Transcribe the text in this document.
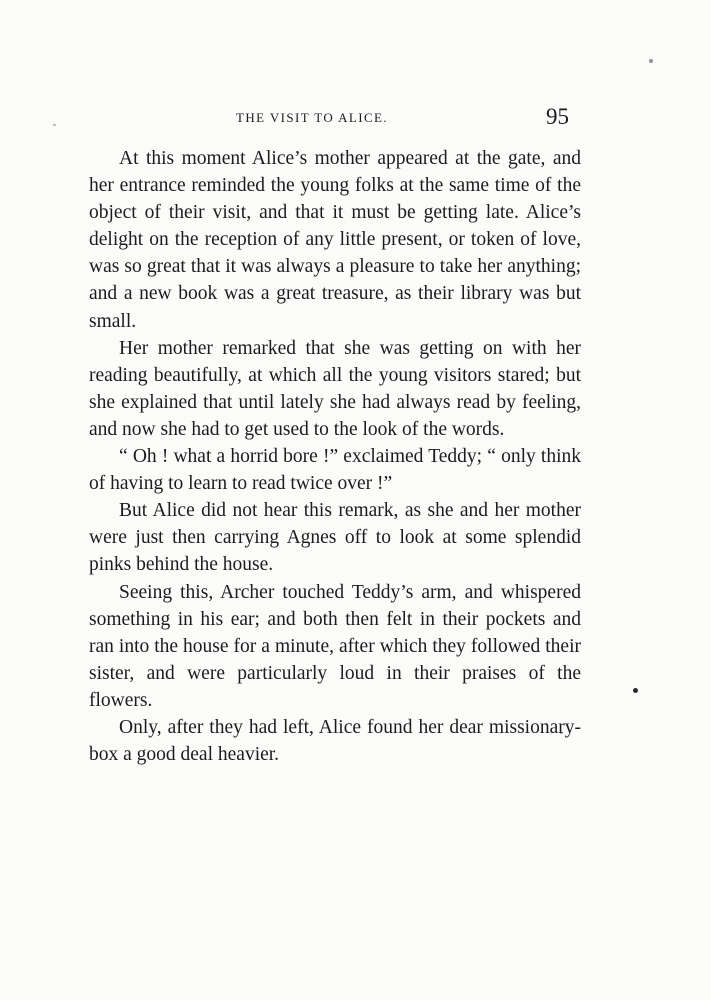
THE VISIT TO ALICE.	95

At this moment Alice’s mother appeared at the gate, and her entrance reminded the young folks at the same time of the object of their visit, and that it must be getting late. Alice’s delight on the reception of any little present, or token of love, was so great that it was always a pleasure to take her anything; and a new book was a great treasure, as their library was but small.

Her mother remarked that she was getting on with her reading beautifully, at which all the young visitors stared; but she explained that until lately she had always read by feeling, and now she had to get used to the look of the words.

“ Oh ! what a horrid bore !” exclaimed Teddy; “ only think of having to learn to read twice over !”

But Alice did not hear this remark, as she and her mother were just then carrying Agnes off to look at some splendid pinks behind the house.

Seeing this, Archer touched Teddy’s arm, and whispered something in his ear; and both then felt in their pockets and ran into the house for a minute, after which they followed their sister, and were particularly loud in their praises of the flowers.

Only, after they had left, Alice found her dear missionary-box a good deal heavier.
